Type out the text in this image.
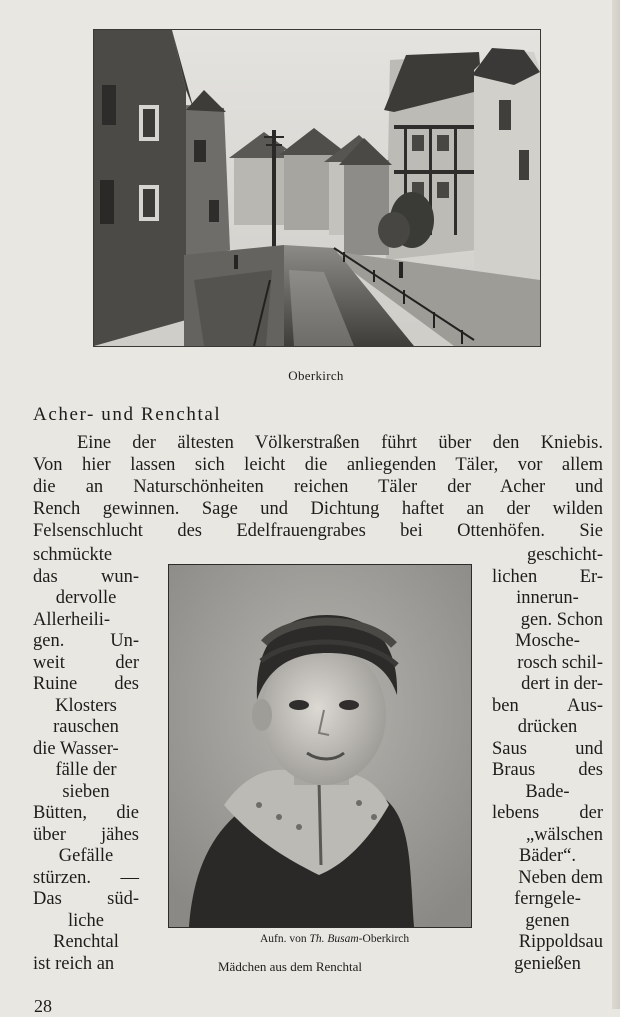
Oberkirch
Acher- und Renchtal
Eine der ältesten Völkerstraßen führt über den Kniebis.
Von hier lassen sich leicht die anliegenden Täler, vor allem
die an Naturschönheiten reichen Täler der Acher und
Rench gewinnen. Sage und Dichtung haftet an der wilden
Felsenschlucht des Edelfrauengrabes bei Ottenhöfen. Sie
schmückte
das wun-
dervolle
Allerheili-
gen. Un-
weit der
Ruine des
Klosters
rauschen
die Wasser-
fälle der
sieben
Bütten, die
über jähes
Gefälle
stürzen. —
Das süd-
liche
Renchtal
ist reich an
geschicht-
lichen Er-
innerun-
gen. Schon
Mosche-
rosch schil-
dert in der-
ben Aus-
drücken
Saus und
Braus des
Bade-
lebens der
„wälschen
Bäder“.
Neben dem
ferngele-
genen
Rippoldsau
genießen
Aufn. von Th. Busam-Oberkirch
Mädchen aus dem Renchtal
28
